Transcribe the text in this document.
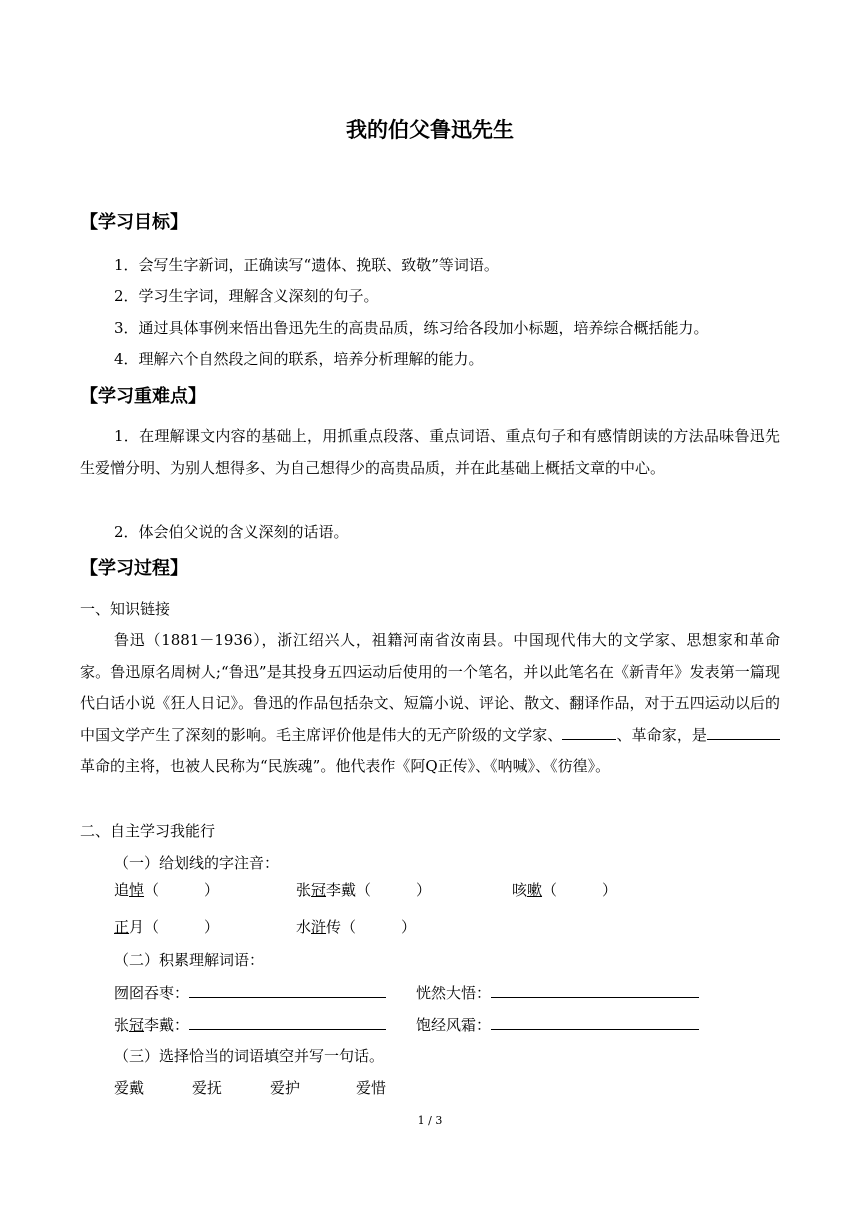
我的伯父鲁迅先生
【学习目标】
1．会写生字新词，正确读写“遗体、挽联、致敬”等词语。
2．学习生字词，理解含义深刻的句子。
3．通过具体事例来悟出鲁迅先生的高贵品质，练习给各段加小标题，培养综合概括能力。
4．理解六个自然段之间的联系，培养分析理解的能力。
【学习重难点】
1．在理解课文内容的基础上，用抓重点段落、重点词语、重点句子和有感情朗读的方法品味鲁迅先生爱憎分明、为别人想得多、为自己想得少的高贵品质，并在此基础上概括文章的中心。
2．体会伯父说的含义深刻的话语。
【学习过程】
一、知识链接
鲁迅（1881－1936），浙江绍兴人，祖籍河南省汝南县。中国现代伟大的文学家、思想家和革命家。鲁迅原名周树人;“鲁迅”是其投身五四运动后使用的一个笔名，并以此笔名在《新青年》发表第一篇现代白话小说《狂人日记》。鲁迅的作品包括杂文、短篇小说、评论、散文、翻译作品，对于五四运动以后的中国文学产生了深刻的影响。毛主席评价他是伟大的无产阶级的文学家、	、革命家，是革命的主将，也被人民称为“民族魂”。他代表作《阿Q正传》、《呐喊》、《彷徨》。
二、自主学习我能行
（一）给划线的字注音：
追悼（　　　）	张冠李戴（　　　）	咳嗽（　　　）
正月（　　　）	水浒传（　　　）
（二）积累理解词语：
囫囵吞枣：	恍然大悟：
张冠李戴：	饱经风霜：
（三）选择恰当的词语填空并写一句话。
爱戴	爱抚	爱护	爱惜
1 / 3
